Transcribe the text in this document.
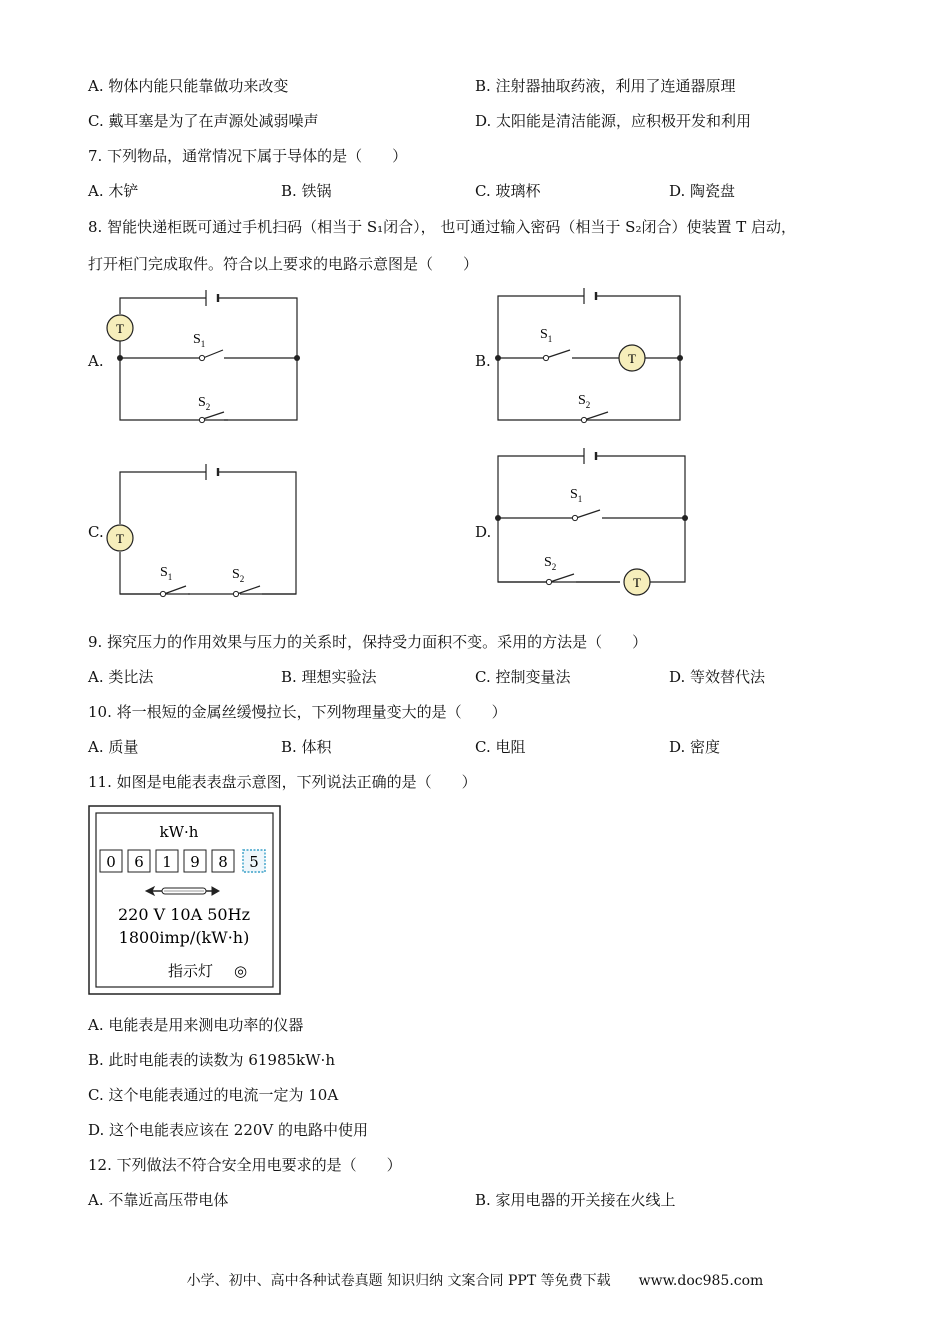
A. 物体内能只能靠做功来改变	B. 注射器抽取药液，利用了连通器原理
C. 戴耳塞是为了在声源处减弱噪声	D. 太阳能是清洁能源，应积极开发和利用
7. 下列物品，通常情况下属于导体的是（　　）
A. 木铲	B. 铁锅	C. 玻璃杯	D. 陶瓷盘
8. 智能快递柜既可通过手机扫码（相当于 S₁闭合）， 也可通过输入密码（相当于 S₂闭合）使装置 T 启动，
打开柜门完成取件。符合以上要求的电路示意图是（　　）
A.	B.
C.	D.
T
$S_1$
$S_2$
T
$S_1$
$S_2$
T
$S_1$	$S_2$	T
$S_1$
$S_2$
9. 探究压力的作用效果与压力的关系时，保持受力面积不变。采用的方法是（　　）
A. 类比法	B. 理想实验法	C. 控制变量法	D. 等效替代法
10. 将一根短的金属丝缓慢拉长，下列物理量变大的是（　　）
A. 质量	B. 体积	C. 电阻	D. 密度
11. 如图是电能表表盘示意图，下列说法正确的是（　　）
kW·h
0 6 1 9 8 5
220 V 10A 50Hz
1800imp/(kW·h)
指示灯 ◎
A. 电能表是用来测电功率的仪器
B. 此时电能表的读数为 61985kW·h
C. 这个电能表通过的电流一定为 10A
D. 这个电能表应该在 220V 的电路中使用
12. 下列做法不符合安全用电要求的是（　　）
A. 不靠近高压带电体	B. 家用电器的开关接在火线上
小学、初中、高中各种试卷真题 知识归纳 文案合同 PPT 等免费下载　　www.doc985.com
